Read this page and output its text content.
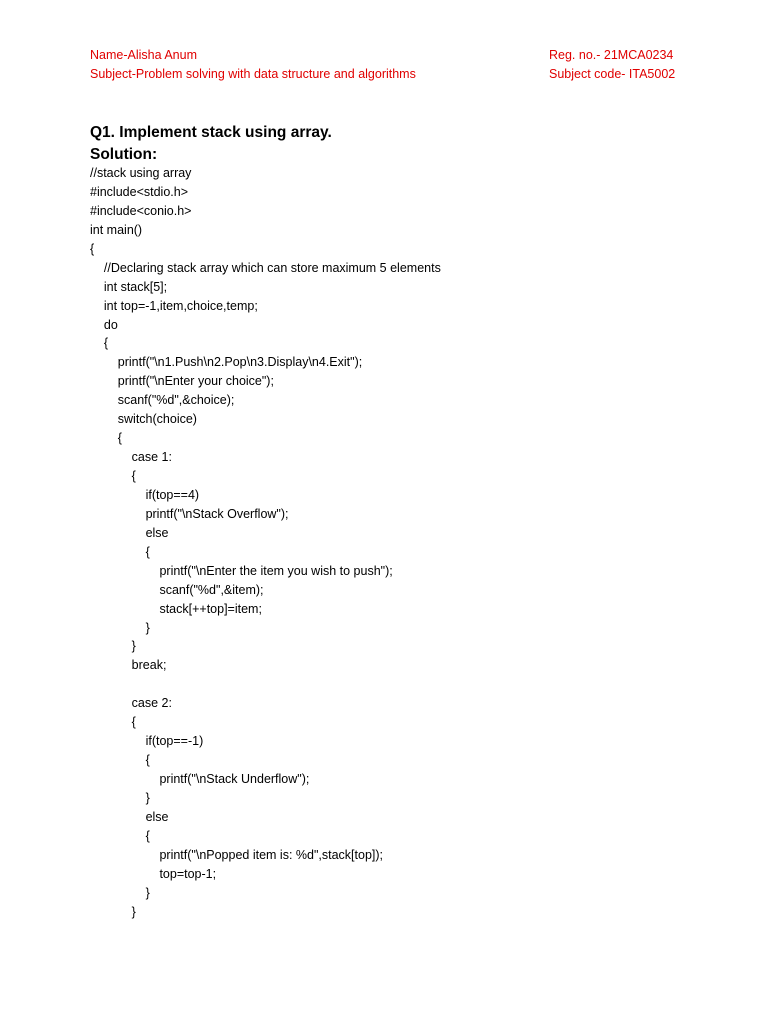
Name-Alisha Anum
Subject-Problem solving with data structure and algorithms
Reg. no.- 21MCA0234
Subject code- ITA5002
Q1. Implement stack using array.
Solution:
//stack using array
#include<stdio.h>
#include<conio.h>
int main()
{
//Declaring stack array which can store maximum 5 elements
int stack[5];
int top=-1,item,choice,temp;
do
{
printf("\n1.Push\n2.Pop\n3.Display\n4.Exit");
printf("\nEnter your choice");
scanf("%d",&choice);
switch(choice)
{
case 1:
{
if(top==4)
printf("\nStack Overflow");
else
{
printf("\nEnter the item you wish to push");
scanf("%d",&item);
stack[++top]=item;
}
}
break;
case 2:
{
if(top==-1)
{
printf("\nStack Underflow");
}
else
{
printf("\nPopped item is: %d",stack[top]);
top=top-1;
}
}
